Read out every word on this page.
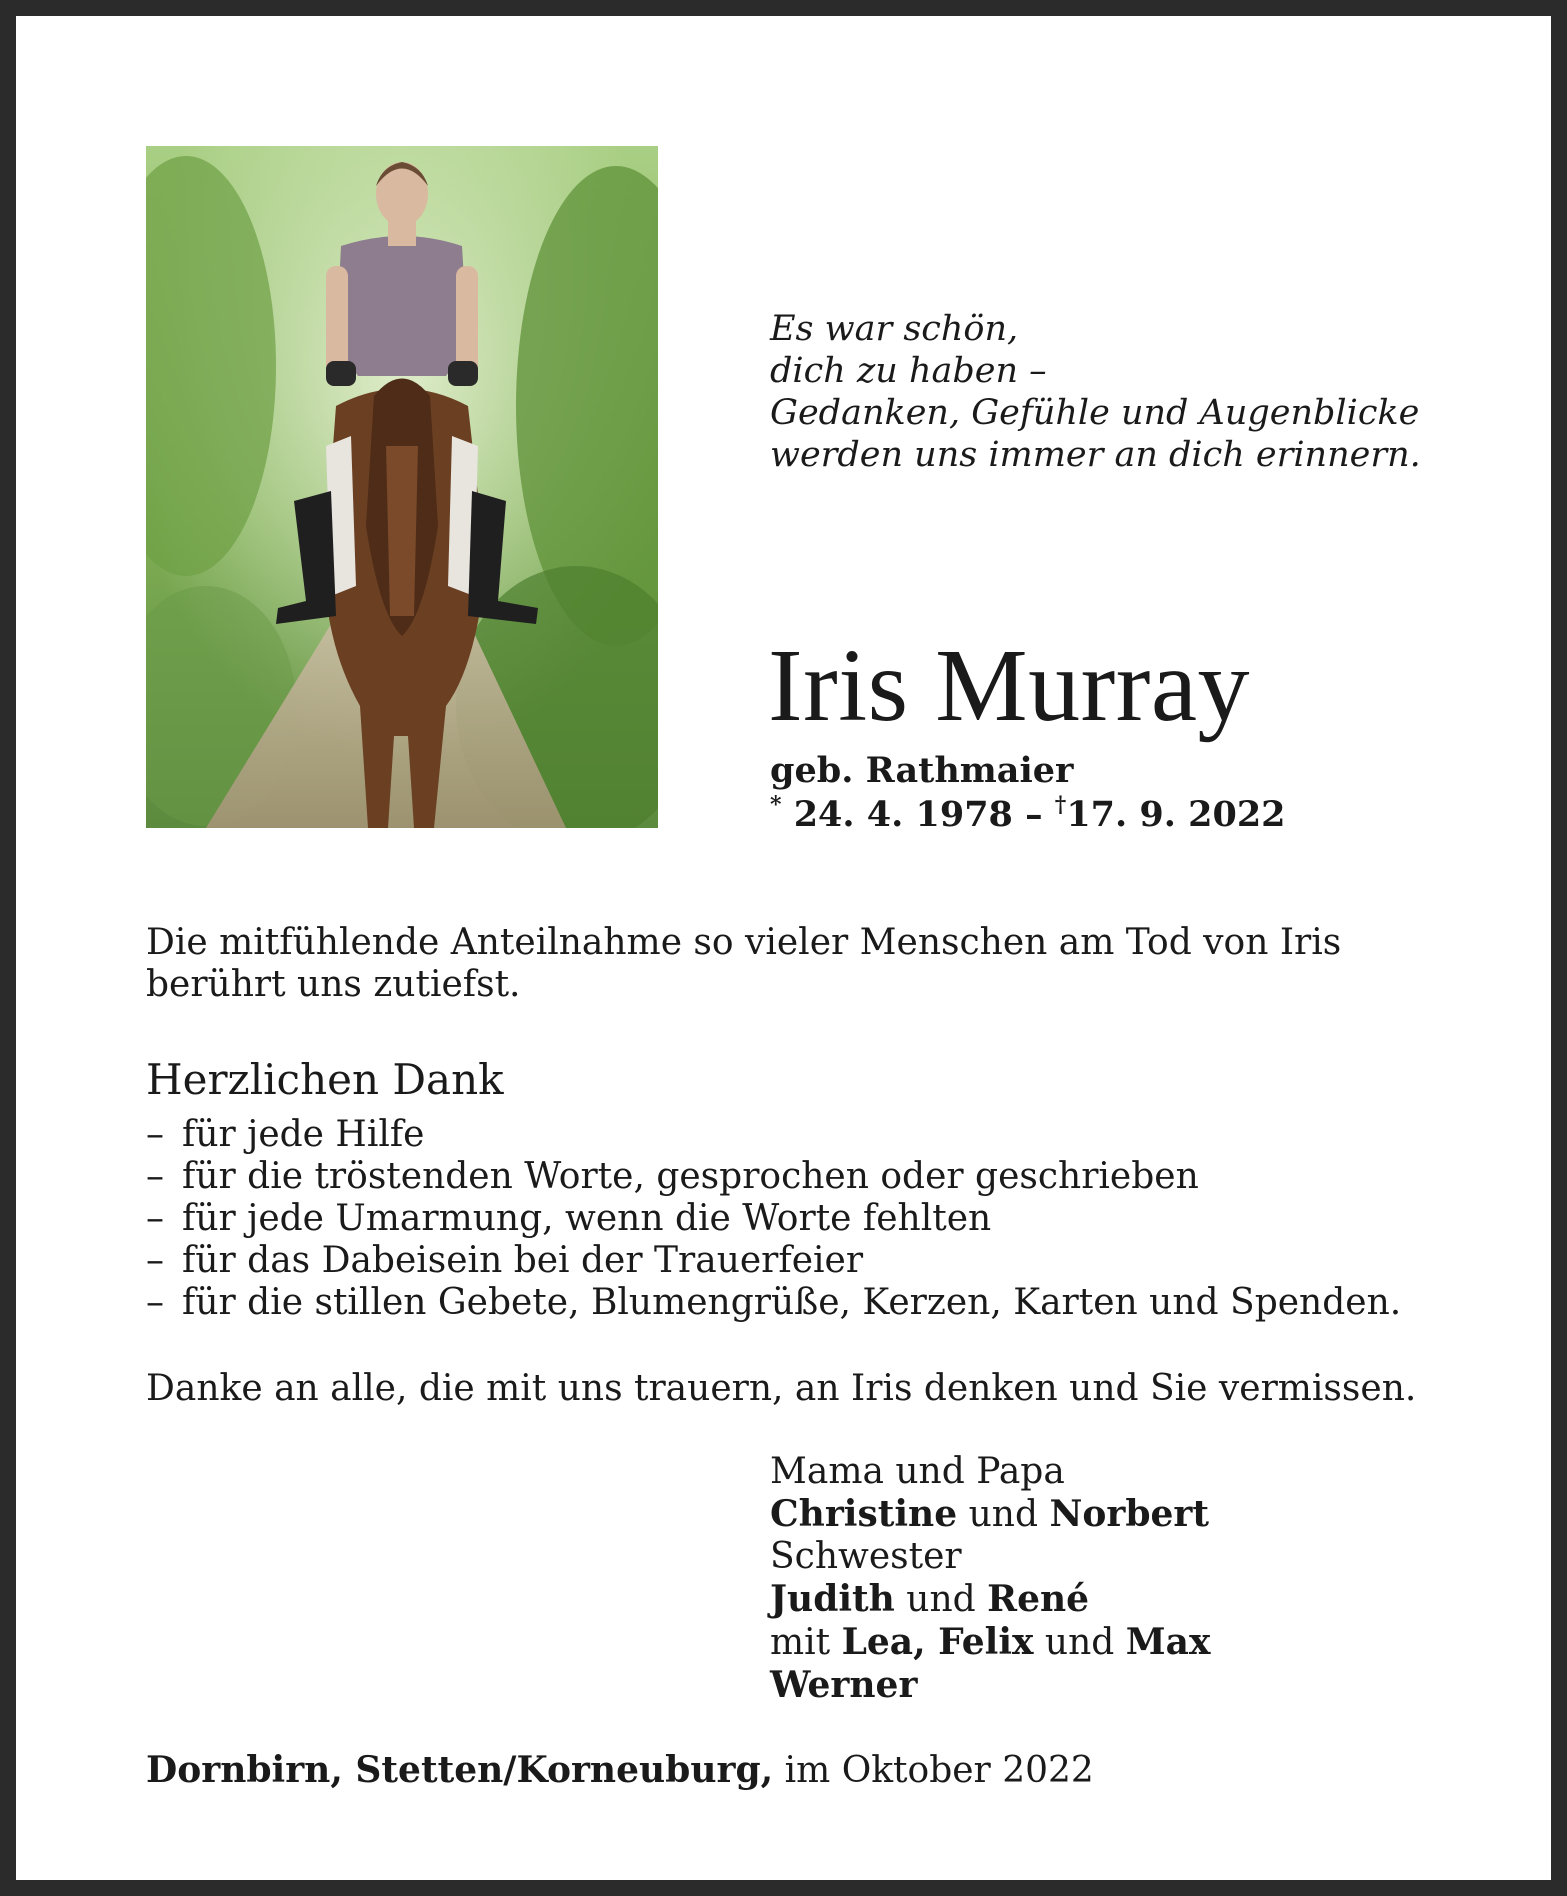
Es war schön,
dich zu haben –
Gedanken, Gefühle und Augenblicke
werden uns immer an dich erinnern.
Iris Murray
geb. Rathmaier
* 24. 4. 1978 – †17. 9. 2022

Die mitfühlende Anteilnahme so vieler Menschen am Tod von Iris berührt uns zutiefst.

Herzlichen Dank
– für jede Hilfe
– für die tröstenden Worte, gesprochen oder geschrieben
– für jede Umarmung, wenn die Worte fehlten
– für das Dabeisein bei der Trauerfeier
– für die stillen Gebete, Blumengrüße, Kerzen, Karten und Spenden.

Danke an alle, die mit uns trauern, an Iris denken und Sie vermissen.

Mama und Papa
Christine und Norbert
Schwester
Judith und René
mit Lea, Felix und Max
Werner
Dornbirn, Stetten/Korneuburg, im Oktober 2022
